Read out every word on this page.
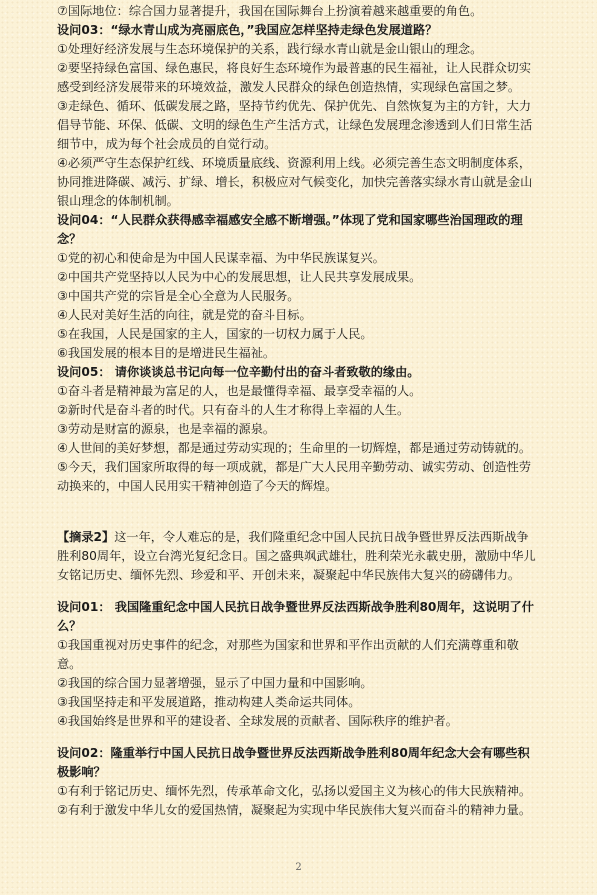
⑦国际地位：综合国力显著提升，我国在国际舞台上扮演着越来越重要的角色。

设问03：“绿水青山成为亮丽底色，”我国应怎样坚持走绿色发展道路？

①处理好经济发展与生态环境保护的关系，践行绿水青山就是金山银山的理念。

②要坚持绿色富国、绿色惠民，将良好生态环境作为最普惠的民生福祉，让人民群众切实
感受到经济发展带来的环境效益，激发人民群众的绿色创造热情，实现绿色富国之梦。

③走绿色、循环、低碳发展之路，坚持节约优先、保护优先、自然恢复为主的方针，大力
倡导节能、环保、低碳、文明的绿色生产生活方式，让绿色发展理念渗透到人们日常生活
细节中，成为每个社会成员的自觉行动。

④必须严守生态保护红线、环境质量底线、资源利用上线。必须完善生态文明制度体系，
协同推进降碳、减污、扩绿、增长，积极应对气候变化，加快完善落实绿水青山就是金山
银山理念的体制机制。

设问04：“人民群众获得感幸福感安全感不断增强。”体现了党和国家哪些治国理政的理
念？

①党的初心和使命是为中国人民谋幸福、为中华民族谋复兴。

②中国共产党坚持以人民为中心的发展思想，让人民共享发展成果。

③中国共产党的宗旨是全心全意为人民服务。

④人民对美好生活的向往，就是党的奋斗目标。

⑤在我国，人民是国家的主人，国家的一切权力属于人民。

⑥我国发展的根本目的是增进民生福祉。

设问05： 请你谈谈总书记向每一位辛勤付出的奋斗者致敬的缘由。

①奋斗者是精神最为富足的人，也是最懂得幸福、最享受幸福的人。

②新时代是奋斗者的时代。只有奋斗的人生才称得上幸福的人生。

③劳动是财富的源泉，也是幸福的源泉。

④人世间的美好梦想，都是通过劳动实现的；生命里的一切辉煌，都是通过劳动铸就的。

⑤今天，我们国家所取得的每一项成就，都是广大人民用辛勤劳动、诚实劳动、创造性劳
动换来的，中国人民用实干精神创造了今天的辉煌。

【摘录2】这一年，令人难忘的是，我们隆重纪念中国人民抗日战争暨世界反法西斯战争
胜利80周年，设立台湾光复纪念日。国之盛典飒武雄壮，胜利荣光永載史册，激励中华儿
女铭记历史、缅怀先烈、珍爱和平、开创未来，凝聚起中华民族伟大复兴的磅礴伟力。

设问01： 我国隆重纪念中国人民抗日战争暨世界反法西斯战争胜利80周年，这说明了什
么？

①我国重视对历史事件的纪念，对那些为国家和世界和平作出贡献的人们充满尊重和敬
意。

②我国的综合国力显著增强，显示了中国力量和中国影响。

③我国坚持走和平发展道路，推动构建人类命运共同体。

④我国始终是世界和平的建设者、全球发展的贡献者、国际秩序的维护者。

设问02：隆重举行中国人民抗日战争暨世界反法西斯战争胜利80周年纪念大会有哪些积
极影响？

①有利于铭记历史、缅怀先烈，传承革命文化，弘扬以爱国主义为核心的伟大民族精神。

②有利于激发中华儿女的爱国热情，凝聚起为实现中华民族伟大复兴而奋斗的精神力量。

2
